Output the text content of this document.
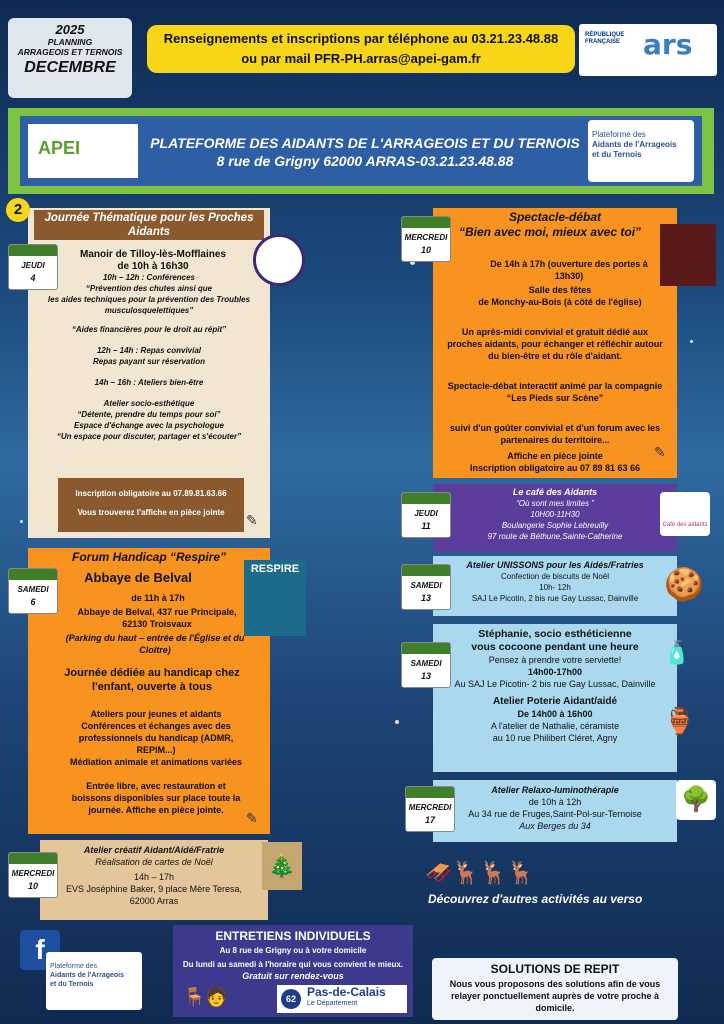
2025
PLANNING
ARRAGEOIS ET TERNOIS
DECEMBRE
Renseignements et inscriptions par téléphone au 03.21.23.48.88
ou par mail PFR-PH.arras@apei-gam.fr
RÉPUBLIQUE FRANÇAISE ars
APEI	PLATEFORME DES AIDANTS DE L'ARRAGEOIS ET DU TERNOIS
8 rue de Grigny 62000 ARRAS-03.21.23.48.88
Plateforme des
Aidants de l'Arrageois
et du Ternois
Journée Thématique pour les Proches Aidants
Manoir de Tilloy-lès-Mofflaines
de 10h à 16h30
10h – 12h : Conférences
“Prévention des chutes ainsi que
les aides techniques pour la prévention des Troubles musculosquelettiques”
“Aides financières pour le droit au répit”
12h – 14h : Repas convivial
Repas payant sur réservation
14h – 16h : Ateliers bien-être
Atelier socio-esthétique
“Détente, prendre du temps pour soi”
Espace d'échange avec la psychologue
“Un espace pour discuter, partager et s'écouter”
Inscription obligatoire au 07.89.81.63.66
Vous trouverez l'affiche en pièce jointe
2
JEUDI
4
✎
Spectacle-débat
“Bien avec moi, mieux avec toi”
De 14h à 17h (ouverture des portes à 13h30)
Salle des fêtes
de Monchy-au-Bois (à côté de l'église)
Un après-midi convivial et gratuit dédié aux proches aidants, pour échanger et réfléchir autour du bien-être et du rôle d'aidant.
Spectacle-débat interactif animé par la compagnie “Les Pieds sur Scène”
suivi d'un goûter convivial et d'un forum avec les partenaires du territoire...
Affiche en pièce jointe
Inscription obligatoire au 07 89 81 63 66
MERCREDI
10
✎
Le café des Aidants
“Où sont mes limites ”
10H00-11H30
Boulangerie Sophie Lebreuilly
97 route de Béthune,Sainte-Catherine
Café des aidants
JEUDI
11
Forum Handicap “Respire”
Abbaye de Belval
de 11h à 17h
Abbaye de Belval, 437 rue Principale, 62130 Troisvaux
(Parking du haut – entrée de l'Église et du Cloître)
Journée dédiée au handicap chez l'enfant, ouverte à tous
Ateliers pour jeunes et aidants
Conférences et échanges avec des professionnels du handicap (ADMR, REPIM...)
Médiation animale et animations variées
Entrée libre, avec restauration et boissons disponibles sur place toute la journée. Affiche en pièce jointe.
RESPIRE
SAMEDI
6
✎
Atelier UNISSONS pour les Aidés/Fratries
Confection de biscuits de Noël
10h- 12h
SAJ Le Picotin, 2 bis rue Gay Lussac, Dainville
SAMEDI
13	🍪
Stéphanie, socio esthéticienne
vous cocoone pendant une heure
Pensez à prendre votre serviette!
14h00-17h00
Au SAJ Le Picotin- 2 bis rue Gay Lussac, Dainville
Atelier Poterie Aidant/aidé
De 14h00 à 16h00
A l'atelier de Nathalie, céramiste
au 10 rue Philibert Cléret, Agny
SAMEDI
13
🧴
🏺
Atelier Relaxo-luminothérapie
de 10h à 12h
Au 34 rue de Fruges,Saint-Pol-sur-Ternoise
Aux Berges du 34
MERCREDI
17
🌳
Atelier créatif Aidant/Aidé/Fratrie
Réalisation de cartes de Noël
14h – 17h
EVS Joséphine Baker, 9 place Mère Teresa,
62000 Arras
MERCREDI
10
🎄	🛷🦌🦌🦌
Découvrez d'autres activités au verso
f
Plateforme des
Aidants de l'Arrageois
et du Ternois
ENTRETIENS INDIVIDUELS
Au 8 rue de Grigny ou à votre domicile
Du lundi au samedi à l'horaire qui vous convient le mieux.
Gratuit sur rendez-vous
🪑🧑	62 Pas-de-Calais
Le Département
SOLUTIONS DE REPIT
Nous vous proposons des solutions afin de vous relayer ponctuellement auprès de votre proche à domicile.
